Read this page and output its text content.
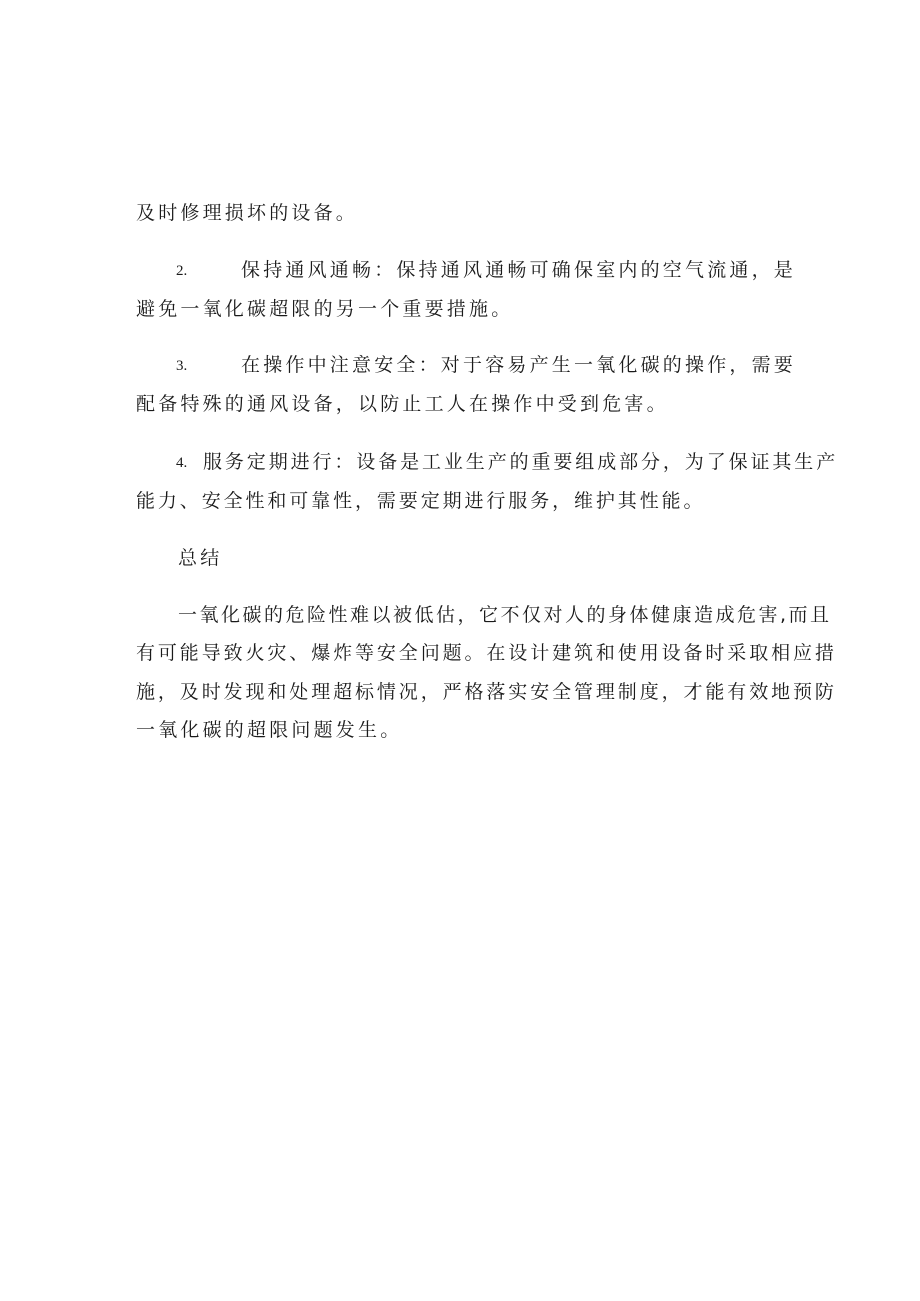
及时修理损坏的设备。
2.	保持通风通畅：保持通风通畅可确保室内的空气流通，是
避免一氧化碳超限的另一个重要措施。
3.	在操作中注意安全：对于容易产生一氧化碳的操作，需要
配备特殊的通风设备，以防止工人在操作中受到危害。
4. 服务定期进行：设备是工业生产的重要组成部分，为了保证其生产
能力、安全性和可靠性，需要定期进行服务，维护其性能。
总结
一氧化碳的危险性难以被低估，它不仅对人的身体健康造成危害,而且
有可能导致火灾、爆炸等安全问题。在设计建筑和使用设备时采取相应措
施，及时发现和处理超标情况，严格落实安全管理制度，才能有效地预防
一氧化碳的超限问题发生。
